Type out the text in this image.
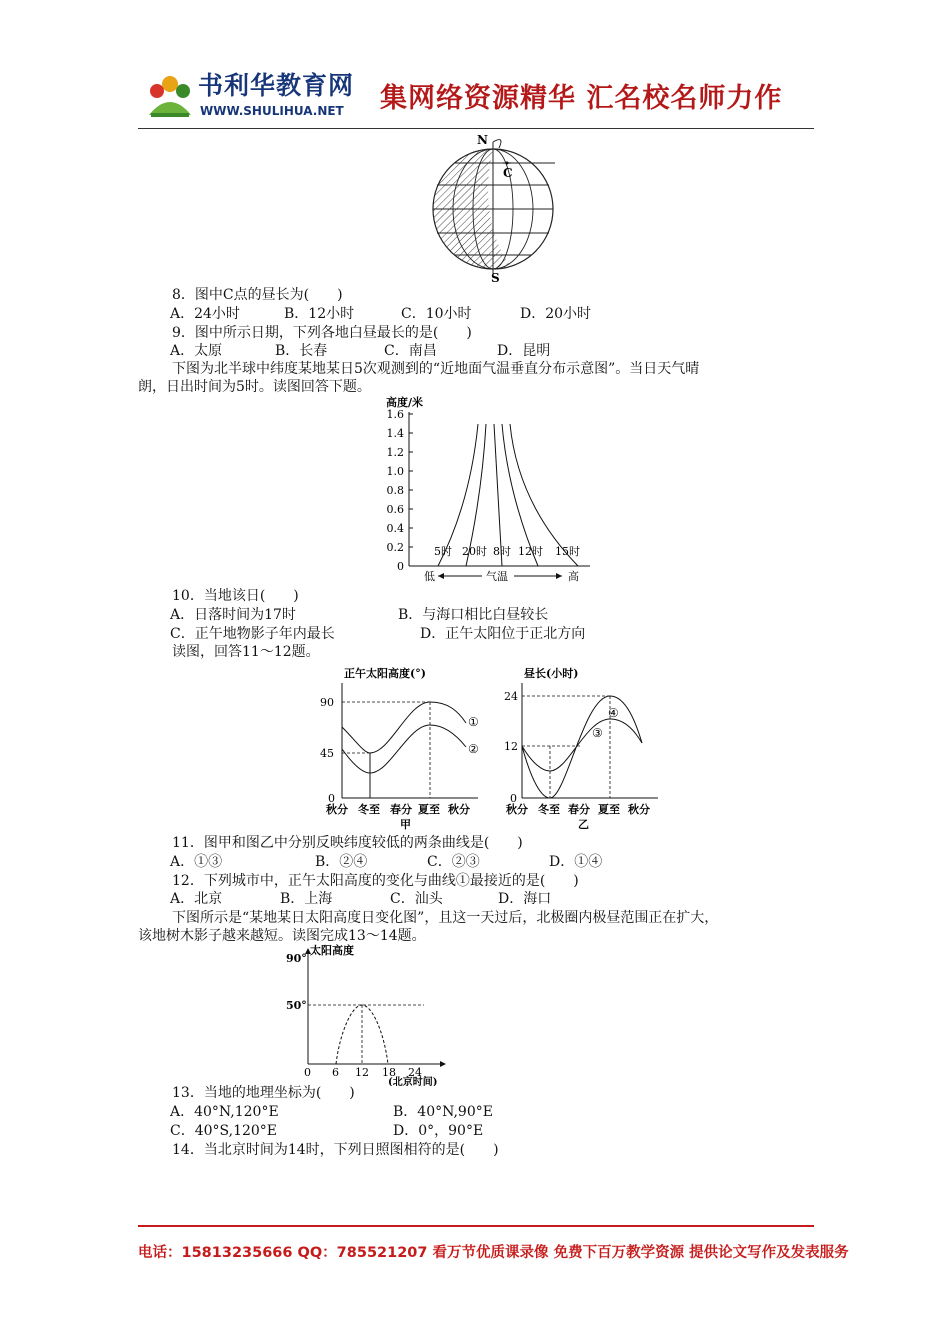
书利华教育网
WWW.SHULIHUA.NET 集网络资源精华 汇名校名师力作
N
S
C
8．图中C点的昼长为(　　)
A．24小时	B．12小时	C．10小时	D．20小时
9．图中所示日期，下列各地白昼最长的是(　　)
A．太原	B．长春	C．南昌	D．昆明
下图为北半球中纬度某地某日5次观测到的“近地面气温垂直分布示意图”。当日天气晴
朗，日出时间为5时。读图回答下题。
高度/米
0
0.2
0.4
0.6
0.8
1.0
1.2
1.4
1.6
5时 20时 8时 12时 15时
低	气温	高
10．当地该日(　　)
A．日落时间为17时	B．与海口相比白昼较长
C．正午地物影子年内最长	D．正午太阳位于正北方向
读图，回答11～12题。
正午太阳高度(°)
90
45
0
①
②
秋分 冬至 春分 夏至 秋分
甲
昼长(小时)
24
12
0
④
③
秋分 冬至 春分 夏至 秋分
乙
11．图甲和图乙中分别反映纬度较低的两条曲线是(　　)
A．①③	B．②④	C．②③	D．①④
12．下列城市中，正午太阳高度的变化与曲线①最接近的是(　　)
A．北京	B．上海	C．汕头	D．海口
下图所示是“某地某日太阳高度日变化图”，且这一天过后，北极圈内极昼范围正在扩大，
该地树木影子越来越短。读图完成13～14题。
太阳高度
90°
50°
0 6 12 18 24
(北京时间)
13．当地的地理坐标为(　　)
A．40°N,120°E	B．40°N,90°E
C．40°S,120°E	D．0°，90°E
14．当北京时间为14时，下列日照图相符的是(　　)
电话：15813235666 QQ：785521207 看万节优质课录像 免费下百万教学资源 提供论文写作及发表服务
